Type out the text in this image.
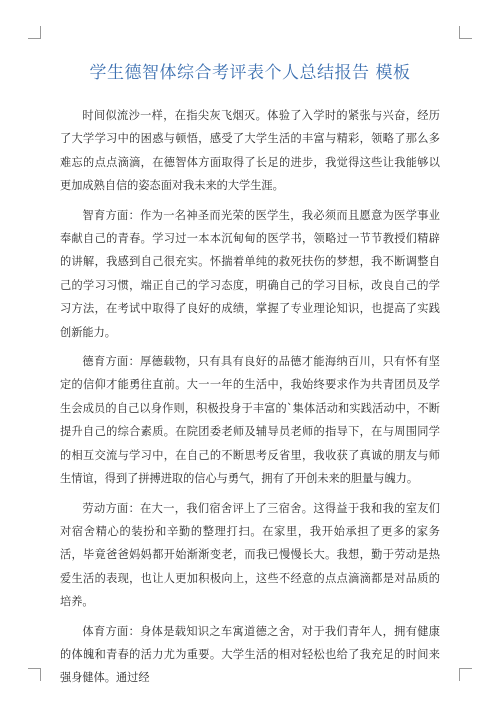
学生德智体综合考评表个人总结报告 模板

时间似流沙一样，在指尖灰飞烟灭。体验了入学时的紧张与兴奋，经历了大学学习中的困惑与顿悟，感受了大学生活的丰富与精彩，领略了那么多难忘的点点滴滴，在德智体方面取得了长足的进步，我觉得这些让我能够以更加成熟自信的姿态面对我未来的大学生涯。

智育方面：作为一名神圣而光荣的医学生，我必须而且愿意为医学事业奉献自己的青春。学习过一本本沉甸甸的医学书，领略过一节节教授们精辟的讲解，我感到自己很充实。怀揣着单纯的救死扶伤的梦想，我不断调整自己的学习习惯，端正自己的学习态度，明确自己的学习目标，改良自己的学习方法，在考试中取得了良好的成绩，掌握了专业理论知识，也提高了实践创新能力。

德育方面：厚德载物，只有具有良好的品德才能海纳百川，只有怀有坚定的信仰才能勇往直前。大一一年的生活中，我始终要求作为共青团员及学生会成员的自己以身作则，积极投身于丰富的`集体活动和实践活动中，不断提升自己的综合素质。在院团委老师及辅导员老师的指导下，在与周围同学的相互交流与学习中，在自己的不断思考反省里，我收获了真诚的朋友与师生情谊，得到了拼搏进取的信心与勇气，拥有了开创未来的胆量与魄力。

劳动方面：在大一，我们宿舍评上了三宿舍。这得益于我和我的室友们对宿舍精心的装扮和辛勤的整理打扫。在家里，我开始承担了更多的家务活，毕竟爸爸妈妈都开始渐渐变老，而我已慢慢长大。我想，勤于劳动是热爱生活的表现，也让人更加积极向上，这些不经意的点点滴滴都是对品质的培养。

体育方面：身体是载知识之车寓道德之舍，对于我们青年人，拥有健康的体魄和青春的活力尤为重要。大学生活的相对轻松也给了我充足的时间来强身健体。通过经
